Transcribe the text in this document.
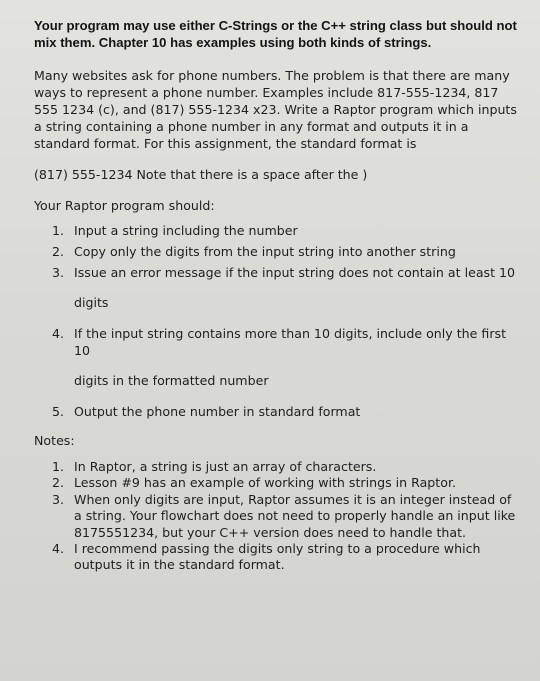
Your program may use either C-Strings or the C++ string class but should not mix them. Chapter 10 has examples using both kinds of strings.

Many websites ask for phone numbers. The problem is that there are many ways to represent a phone number. Examples include 817-555-1234, 817 555 1234 (c), and (817) 555-1234 x23. Write a Raptor program which inputs a string containing a phone number in any format and outputs it in a standard format. For this assignment, the standard format is

(817) 555-1234 Note that there is a space after the )

Your Raptor program should:

1. Input a string including the number
2. Copy only the digits from the input string into another string
3. Issue an error message if the input string does not contain at least 10
digits
4. If the input string contains more than 10 digits, include only the first 10
digits in the formatted number
5. Output the phone number in standard format

Notes:

1. In Raptor, a string is just an array of characters.
2. Lesson #9 has an example of working with strings in Raptor.
3. When only digits are input, Raptor assumes it is an integer instead of a string. Your flowchart does not need to properly handle an input like 8175551234, but your C++ version does need to handle that.
4. I recommend passing the digits only string to a procedure which outputs it in the standard format.
